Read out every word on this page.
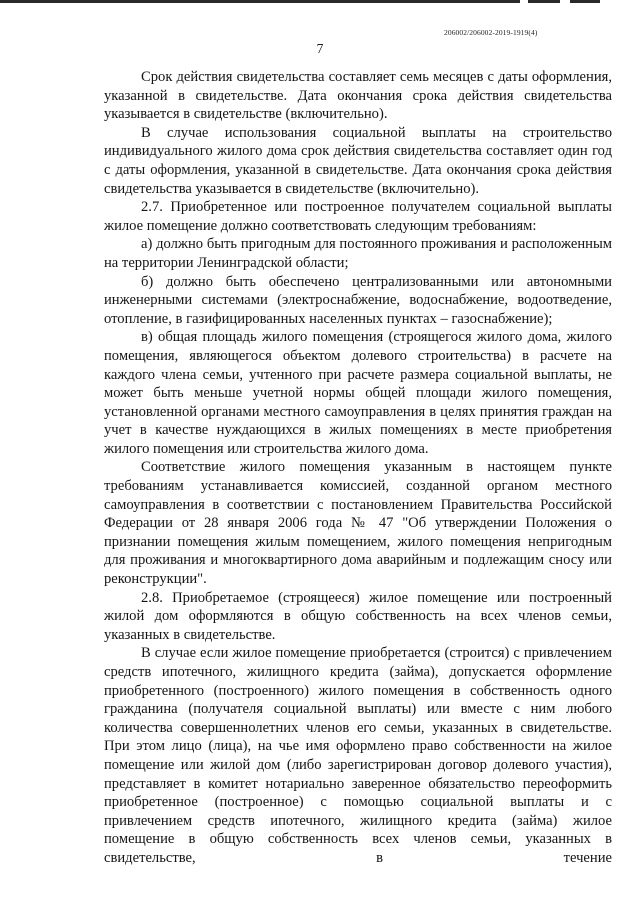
206002/206002-2019-1919(4)
7

Срок действия свидетельства составляет семь месяцев с даты оформления, указанной в свидетельстве. Дата окончания срока действия свидетельства указывается в свидетельстве (включительно).

В случае использования социальной выплаты на строительство индивидуального жилого дома срок действия свидетельства составляет один год с даты оформления, указанной в свидетельстве. Дата окончания срока действия свидетельства указывается в свидетельстве (включительно).

2.7. Приобретенное или построенное получателем социальной выплаты жилое помещение должно соответствовать следующим требованиям:

а) должно быть пригодным для постоянного проживания и расположенным на территории Ленинградской области;

б) должно быть обеспечено централизованными или автономными инженерными системами (электроснабжение, водоснабжение, водоотведение, отопление, в газифицированных населенных пунктах – газоснабжение);

в) общая площадь жилого помещения (строящегося жилого дома, жилого помещения, являющегося объектом долевого строительства) в расчете на каждого члена семьи, учтенного при расчете размера социальной выплаты, не может быть меньше учетной нормы общей площади жилого помещения, установленной органами местного самоуправления в целях принятия граждан на учет в качестве нуждающихся в жилых помещениях в месте приобретения жилого помещения или строительства жилого дома.

Соответствие жилого помещения указанным в настоящем пункте требованиям устанавливается комиссией, созданной органом местного самоуправления в соответствии с постановлением Правительства Российской Федерации от 28 января 2006 года № 47 "Об утверждении Положения о признании помещения жилым помещением, жилого помещения непригодным для проживания и многоквартирного дома аварийным и подлежащим сносу или реконструкции".

2.8. Приобретаемое (строящееся) жилое помещение или построенный жилой дом оформляются в общую собственность на всех членов семьи, указанных в свидетельстве.

В случае если жилое помещение приобретается (строится) с привлечением средств ипотечного, жилищного кредита (займа), допускается оформление приобретенного (построенного) жилого помещения в собственность одного гражданина (получателя социальной выплаты) или вместе с ним любого количества совершеннолетних членов его семьи, указанных в свидетельстве. При этом лицо (лица), на чье имя оформлено право собственности на жилое помещение или жилой дом (либо зарегистрирован договор долевого участия), представляет в комитет нотариально заверенное обязательство переоформить приобретенное (построенное) с помощью социальной выплаты и с привлечением средств ипотечного, жилищного кредита (займа) жилое помещение в общую собственность всех членов семьи, указанных в свидетельстве, в течение
